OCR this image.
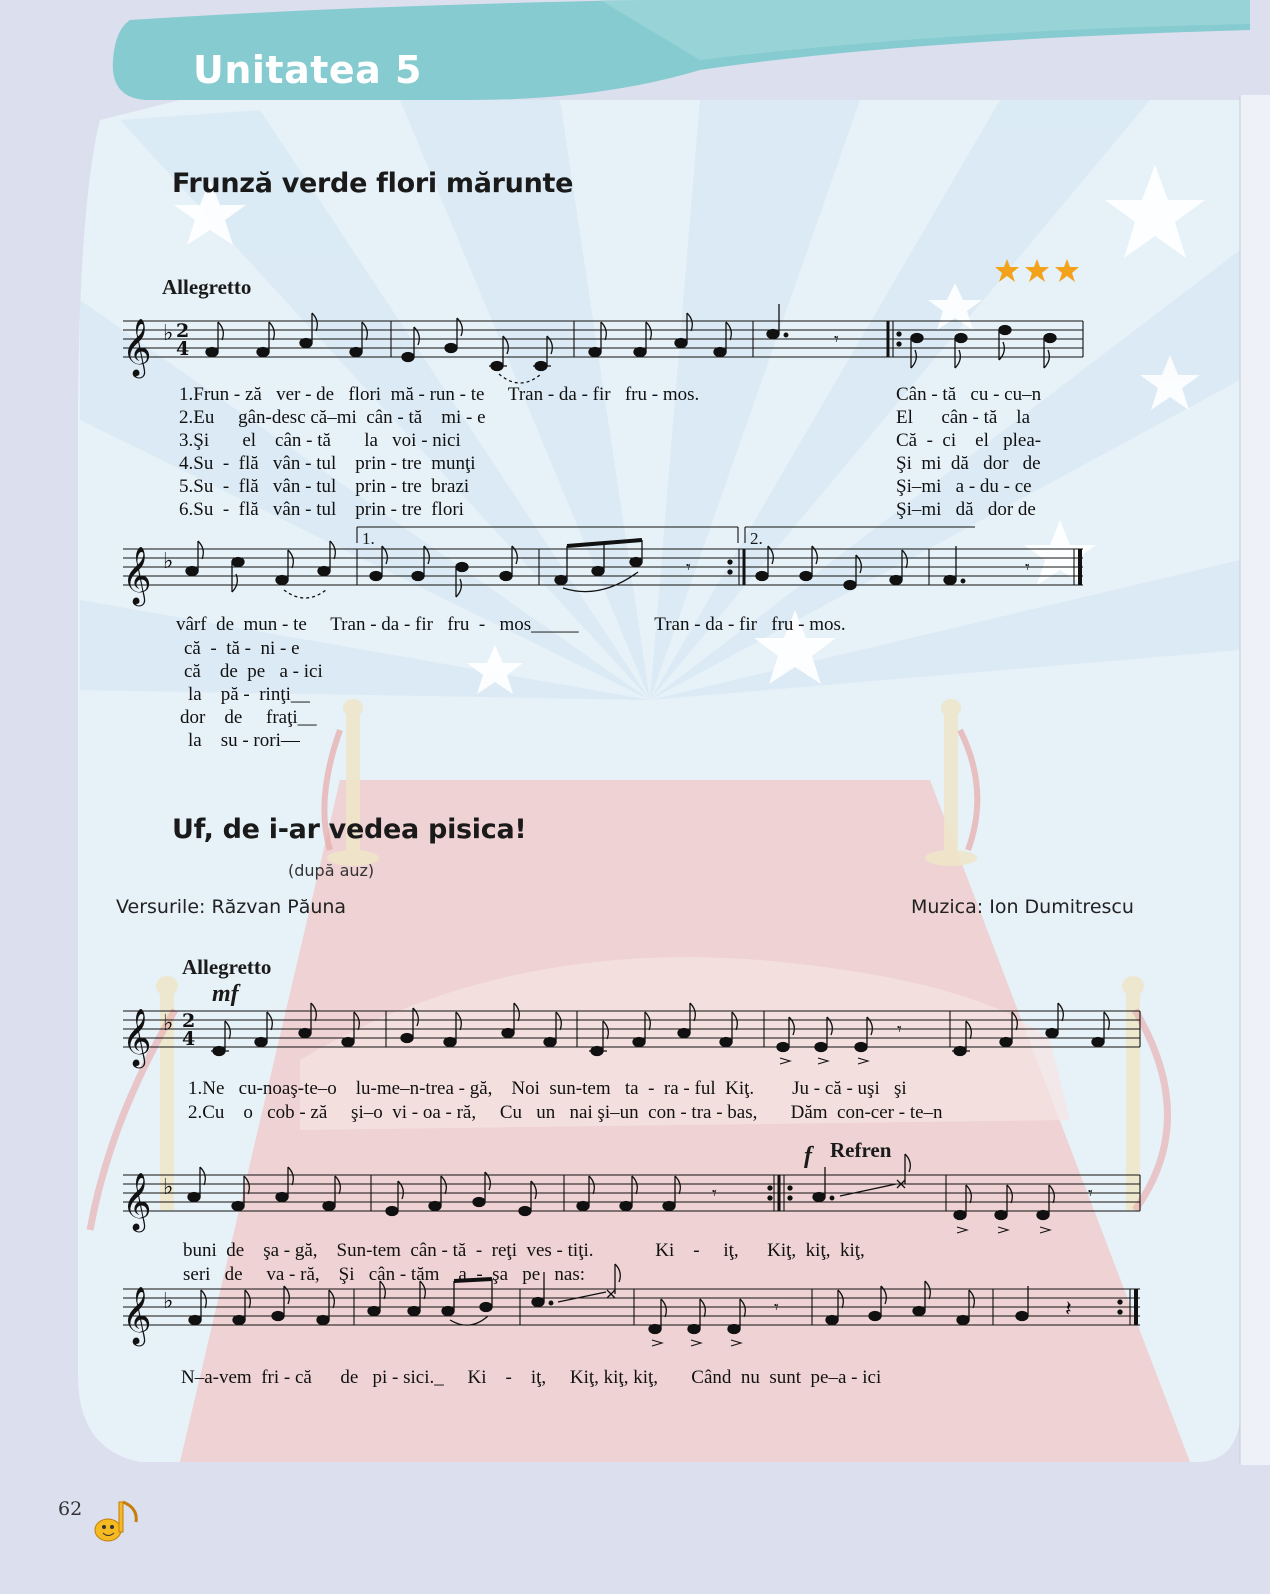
Unitatea 5
Frunză verde flori mărunte
Allegretto
𝄞 ♭ 2
4
𝄞 ♭
𝄞 ♭ 2
4
𝄞 ♭
𝄞 ♭
𝄾
𝄾	𝄾
𝄾
𝄾	𝄾
𝄾	𝄽
1.	2.
1.Frun - ză   ver - de   flori  mă - run - te     Tran - da - fir   fru - mos.
2.Eu     gân-desc că–mi  cân - tă    mi - e
3.Şi       el    cân - tă       la   voi - nici
4.Su  -  flă   vân - tul    prin - tre  munţi
5.Su  -  flă   vân - tul    prin - tre  brazi
6.Su  -  flă   vân - tul    prin - tre  flori
Cân - tă   cu - cu–n
El      cân - tă    la
Că  -  ci    el   plea-
Şi  mi  dă   dor   de
Şi–mi   a - du - ce
Şi–mi   dă   dor de
vârf  de  mun - te     Tran - da - fir   fru  -   mos_____                Tran - da - fir   fru - mos.
că  -  tă -  ni - e
că    de  pe   a - ici
la    pă -  rinţi__
dor    de     fraţi__
la    su - rori—
Uf, de i-ar vedea pisica!
(după auz)
Versurile: Răzvan Păuna	Muzica: Ion Dumitrescu
Allegretto
mf
f Refren
1.Ne   cu-noaş-te–o    lu-me–n-trea - gă,    Noi  sun-tem   ta  -  ra - ful  Kiţ.        Ju - că - uşi   şi
2.Cu    o   cob - ză     şi–o  vi - oa - ră,     Cu   un   nai şi–un  con - tra - bas,       Dăm  con-cer - te–n
buni  de    şa - gă,    Sun-tem  cân - tă  -  reţi  ves - tiţi.             Ki    -     iţ,      Kiţ,  kiţ,  kiţ,
seri   de     va - ră,    Şi   cân - tăm    a  -  şa   pe   nas:
N–a-vem  fri - că      de   pi - sici._     Ki    -    iţ,     Kiţ, kiţ, kiţ,       Când  nu  sunt  pe–a - ici
62
